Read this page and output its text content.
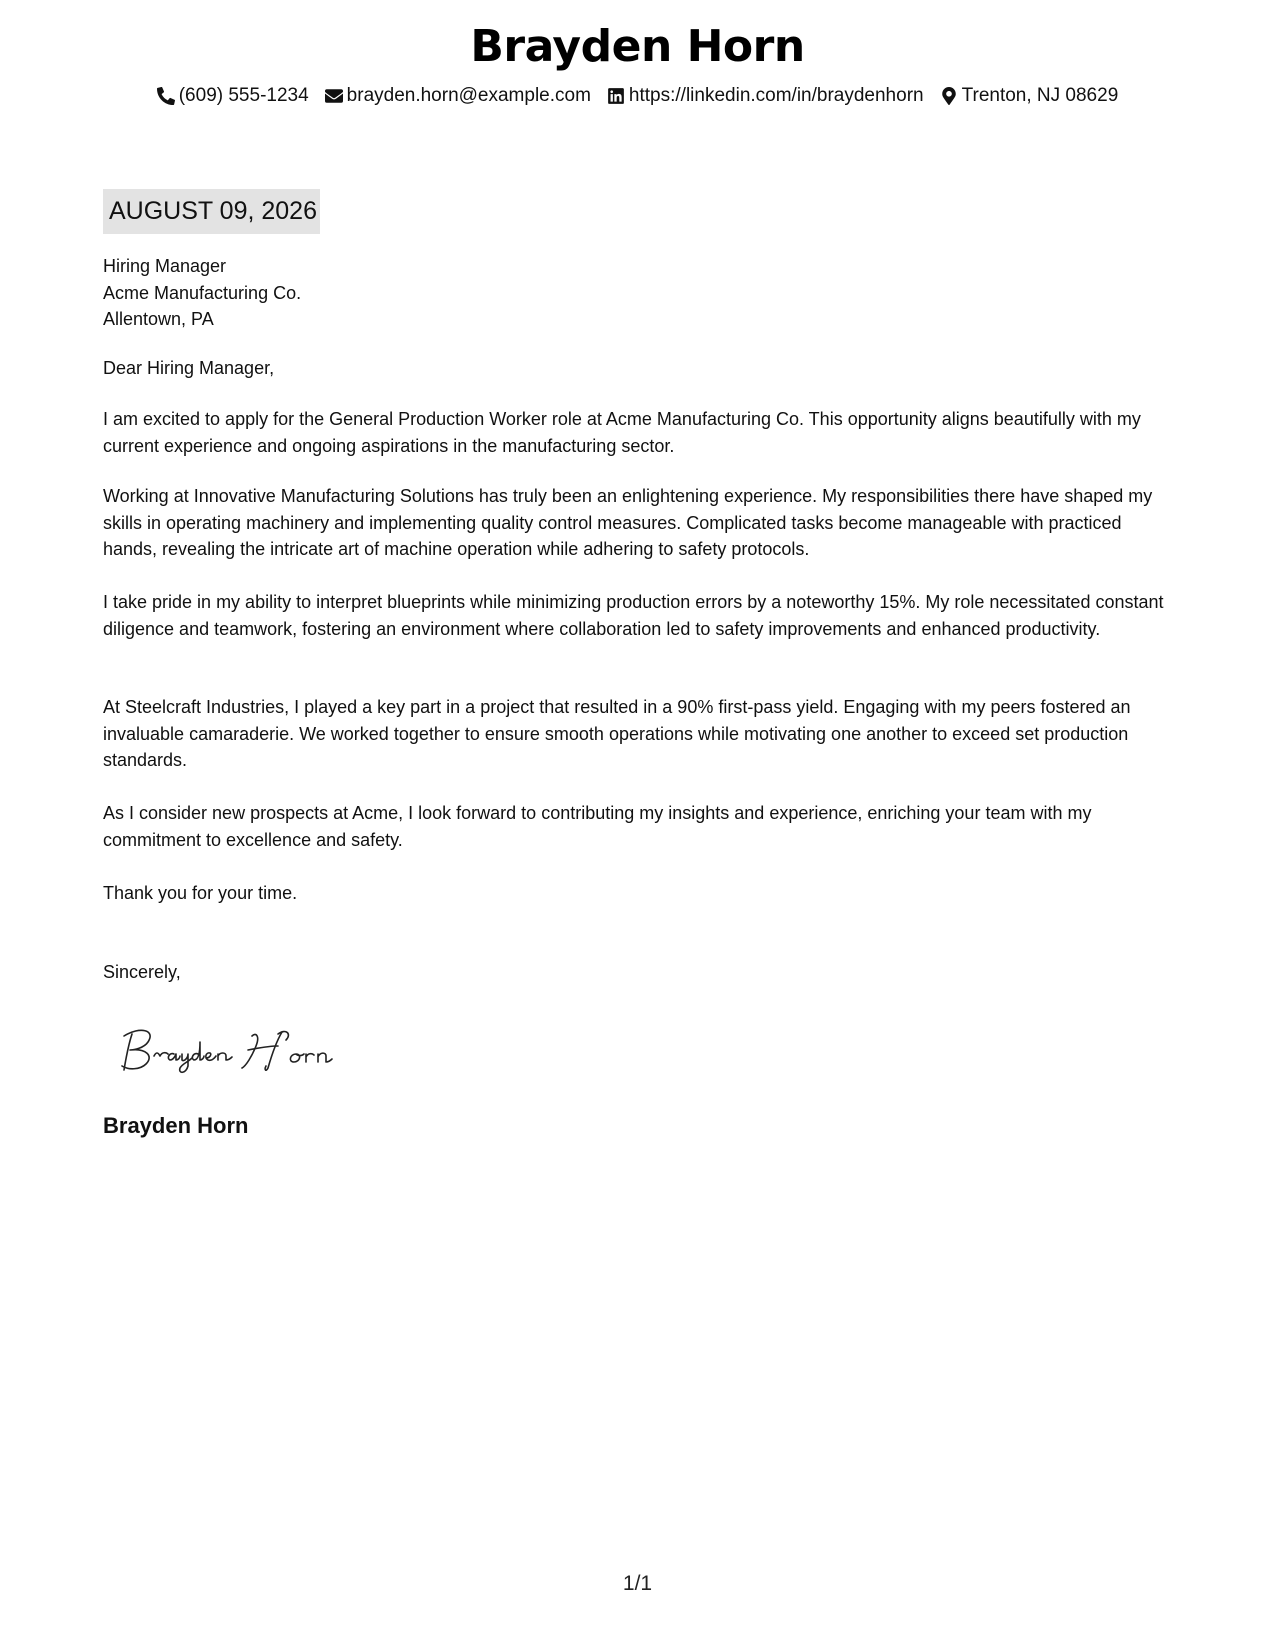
Brayden Horn
(609) 555-1234 brayden.horn@example.com https://linkedin.com/in/braydenhorn Trenton, NJ 08629
AUGUST 09, 2026
Hiring Manager
Acme Manufacturing Co.
Allentown, PA

Dear Hiring Manager,

I am excited to apply for the General Production Worker role at Acme Manufacturing Co. This opportunity aligns beautifully with my current experience and ongoing aspirations in the manufacturing sector.

Working at Innovative Manufacturing Solutions has truly been an enlightening experience. My responsibilities there have shaped my skills in operating machinery and implementing quality control measures. Complicated tasks become manageable with practiced hands, revealing the intricate art of machine operation while adhering to safety protocols.

I take pride in my ability to interpret blueprints while minimizing production errors by a noteworthy 15%. My role necessitated constant diligence and teamwork, fostering an environment where collaboration led to safety improvements and enhanced productivity.

At Steelcraft Industries, I played a key part in a project that resulted in a 90% first-pass yield. Engaging with my peers fostered an invaluable camaraderie. We worked together to ensure smooth operations while motivating one another to exceed set production standards.

As I consider new prospects at Acme, I look forward to contributing my insights and experience, enriching your team with my commitment to excellence and safety.

Thank you for your time.

Sincerely,

Brayden Horn
1/1
